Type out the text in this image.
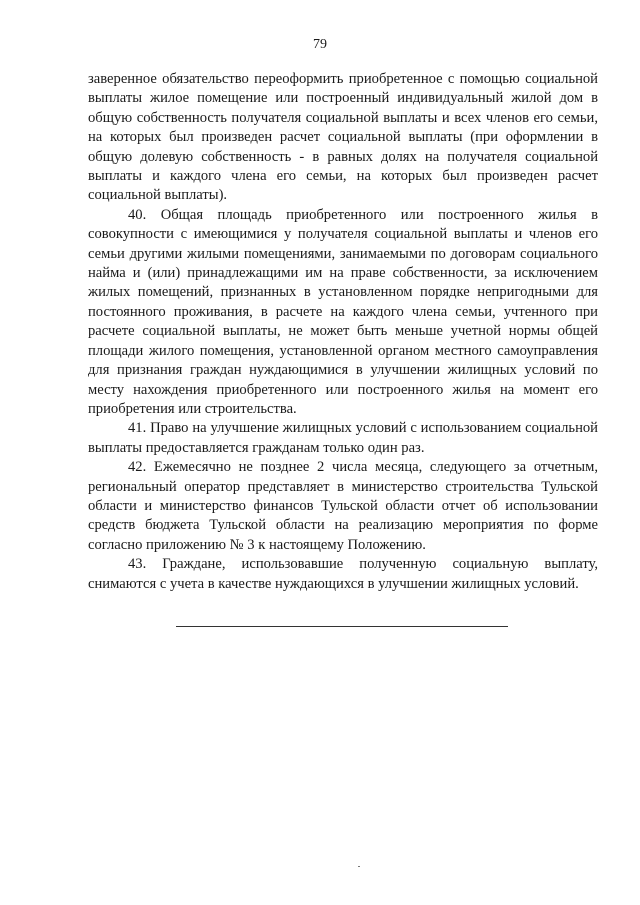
79

заверенное обязательство переоформить приобретенное с помощью социальной выплаты жилое помещение или построенный индивидуальный жилой дом в общую собственность получателя социальной выплаты и всех членов его семьи, на которых был произведен расчет социальной выплаты (при оформлении в общую долевую собственность - в равных долях на получателя социальной выплаты и каждого члена его семьи, на которых был произведен расчет социальной выплаты).

40. Общая площадь приобретенного или построенного жилья в совокупности с имеющимися у получателя социальной выплаты и членов его семьи другими жилыми помещениями, занимаемыми по договорам социального найма и (или) принадлежащими им на праве собственности, за исключением жилых помещений, признанных в установленном порядке непригодными для постоянного проживания, в расчете на каждого члена семьи, учтенного при расчете социальной выплаты, не может быть меньше учетной нормы общей площади жилого помещения, установленной органом местного самоуправления для признания граждан нуждающимися в улучшении жилищных условий по месту нахождения приобретенного или построенного жилья на момент его приобретения или строительства.

41. Право на улучшение жилищных условий с использованием социальной выплаты предоставляется гражданам только один раз.

42. Ежемесячно не позднее 2 числа месяца, следующего за отчетным, региональный оператор представляет в министерство строительства Тульской области и министерство финансов Тульской области отчет об использовании средств бюджета Тульской области на реализацию мероприятия по форме согласно приложению № 3 к настоящему Положению.

43. Граждане, использовавшие полученную социальную выплату, снимаются с учета в качестве нуждающихся в улучшении жилищных условий.
